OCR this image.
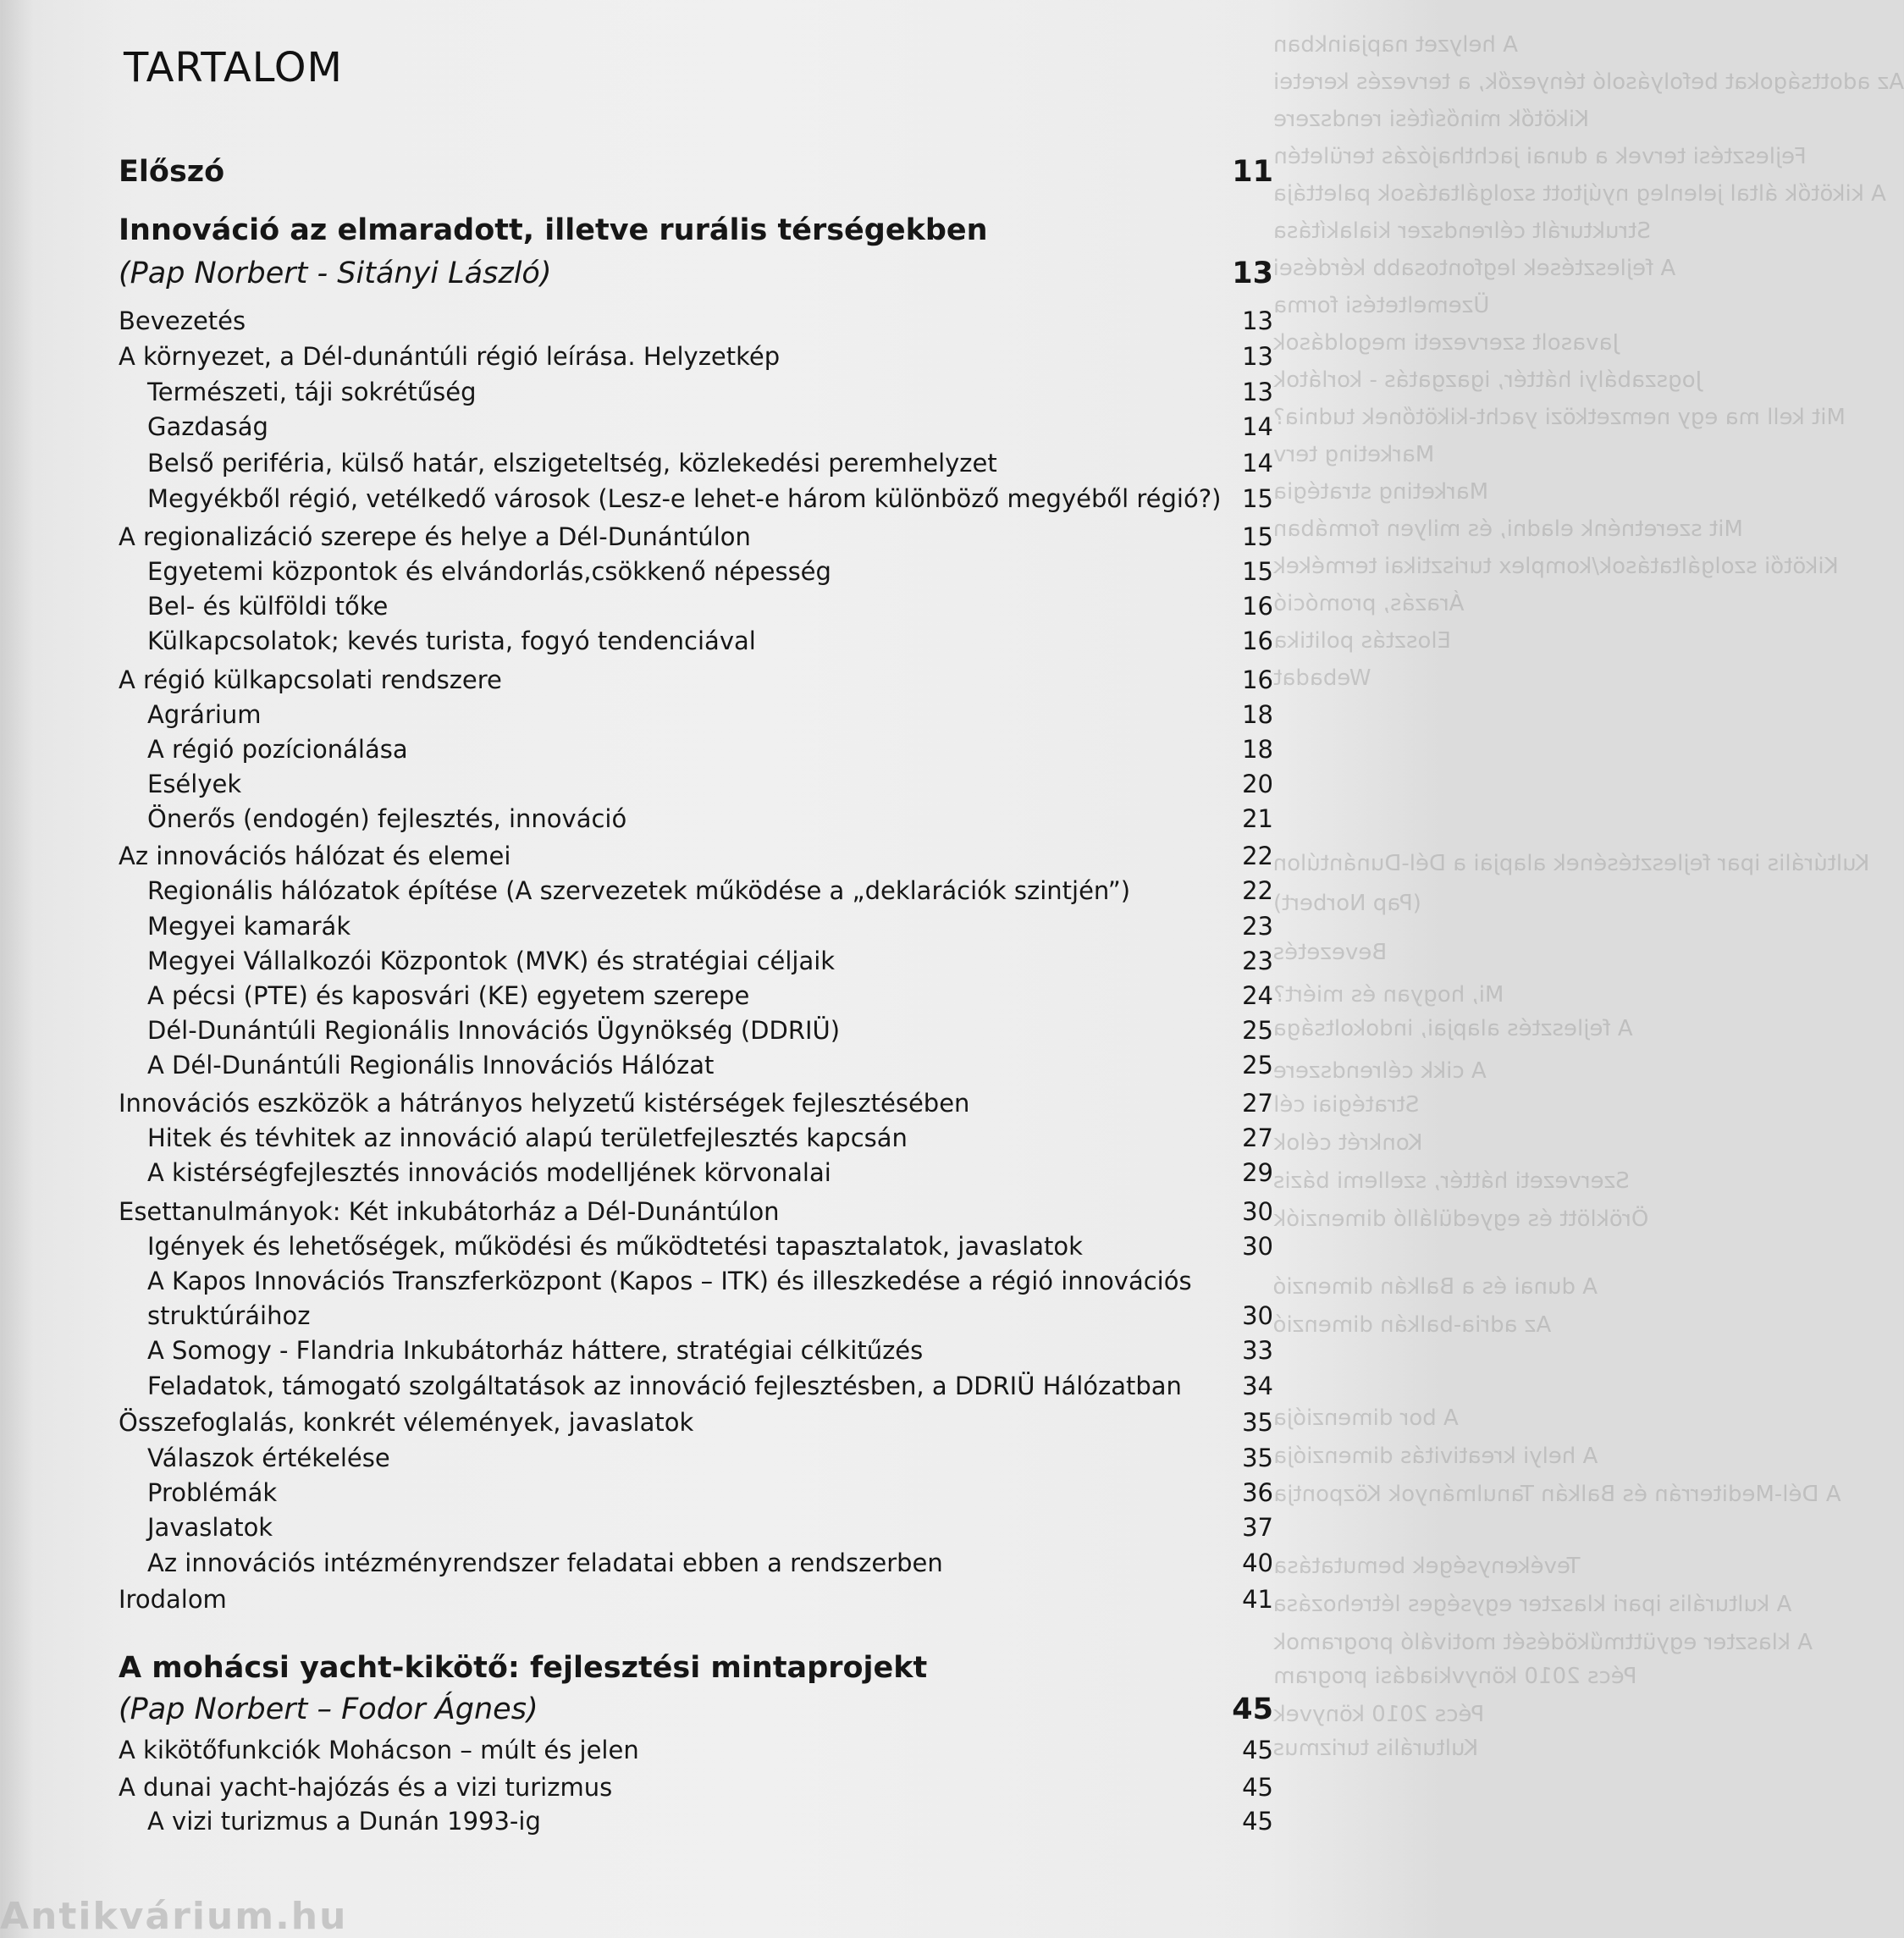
A helyzet napjainkban
Az adottságokat befolyásoló tényezők, a tervezés keretei
Kikötők minősítési rendszere
Fejlesztési tervek a dunai jachthajózás területén
A kikötők által jelenleg nyújtott szolgáltatások palettája
Strukturált célrendszer kialakítása
A fejlesztések legfontosabb kérdései
Üzemeltetési forma
Javasolt szervezeti megoldások
Jogszabályi háttér, igazgatás - korlátok
Mit kell ma egy nemzetközi yacht-kikötőnek tudnia?
Marketing terv
Marketing stratégia
Mit szeretnénk eladni, és milyen formában
Kikötői szolgáltatások/komplex turisztikai termékek
Árazás, promóció
Elosztás politika
Webadat
Kultúrális ipar fejlesztésének alapjai a Dél-Dunántúlon
(Pap Norbert)
Bevezetés
Mi, hogyan és miért?
A fejlesztés alapjai, indokoltsága
A cikk célrendszere
Stratégiai cél
Konkrét célok
Szervezeti háttér, szellemi bázis
Öröklött és egyedülálló dimenziók
A dunai és a Balkán dimenzió
Az adria-balkán dimenzió
A bor dimenziója
A helyi kreativitás dimenziója
A Dél-Mediterrán és Balkán Tanulmányok Központja
Tevékenységek bemutatása
A kulturális ipari klaszter egységes létrehozása
A klaszter együttműködését motiváló programok
Pécs 2010 könyvkiadási program
Pécs 2010 könyvek
Kulturális turizmus
TARTALOM
Előszó	11
Innováció az elmaradott, illetve rurális térségekben
(Pap Norbert - Sitányi László)	13
Bevezetés	13
A környezet, a Dél-dunántúli régió leírása. Helyzetkép	13
Természeti, táji sokrétűség	13
Gazdaság	14
Belső periféria, külső határ, elszigeteltség, közlekedési peremhelyzet	14
Megyékből régió, vetélkedő városok (Lesz-e lehet-e három különböző megyéből régió?) 15
A regionalizáció szerepe és helye a Dél-Dunántúlon	15
Egyetemi központok és elvándorlás,csökkenő népesség	15
Bel- és külföldi tőke	16
Külkapcsolatok; kevés turista, fogyó tendenciával	16
A régió külkapcsolati rendszere	16
Agrárium	18
A régió pozícionálása	18
Esélyek	20
Önerős (endogén) fejlesztés, innováció	21
Az innovációs hálózat és elemei	22
Regionális hálózatok építése (A szervezetek működése a „deklarációk szintjén”)	22
Megyei kamarák	23
Megyei Vállalkozói Központok (MVK) és stratégiai céljaik	23
A pécsi (PTE) és kaposvári (KE) egyetem szerepe	24
Dél-Dunántúli Regionális Innovációs Ügynökség (DDRIÜ)	25
A Dél-Dunántúli Regionális Innovációs Hálózat	25
Innovációs eszközök a hátrányos helyzetű kistérségek fejlesztésében	27
Hitek és tévhitek az innováció alapú területfejlesztés kapcsán	27
A kistérségfejlesztés innovációs modelljének körvonalai	29
Esettanulmányok: Két inkubátorház a Dél-Dunántúlon	30
Igények és lehetőségek, működési és működtetési tapasztalatok, javaslatok	30
A Kapos Innovációs Transzferközpont (Kapos – ITK) és illeszkedése a régió innovációs
struktúráihoz	30
A Somogy - Flandria Inkubátorház háttere, stratégiai célkitűzés	33
Feladatok, támogató szolgáltatások az innováció fejlesztésben, a DDRIÜ Hálózatban 34
Összefoglalás, konkrét vélemények, javaslatok	35
Válaszok értékelése	35
Problémák	36
Javaslatok	37
Az innovációs intézményrendszer feladatai ebben a rendszerben	40
Irodalom	41
A mohácsi yacht-kikötő: fejlesztési mintaprojekt
(Pap Norbert – Fodor Ágnes)	45
A kikötőfunkciók Mohácson – múlt és jelen	45
A dunai yacht-hajózás és a vizi turizmus	45
A vizi turizmus a Dunán 1993-ig	45
Antikvárium.hu
